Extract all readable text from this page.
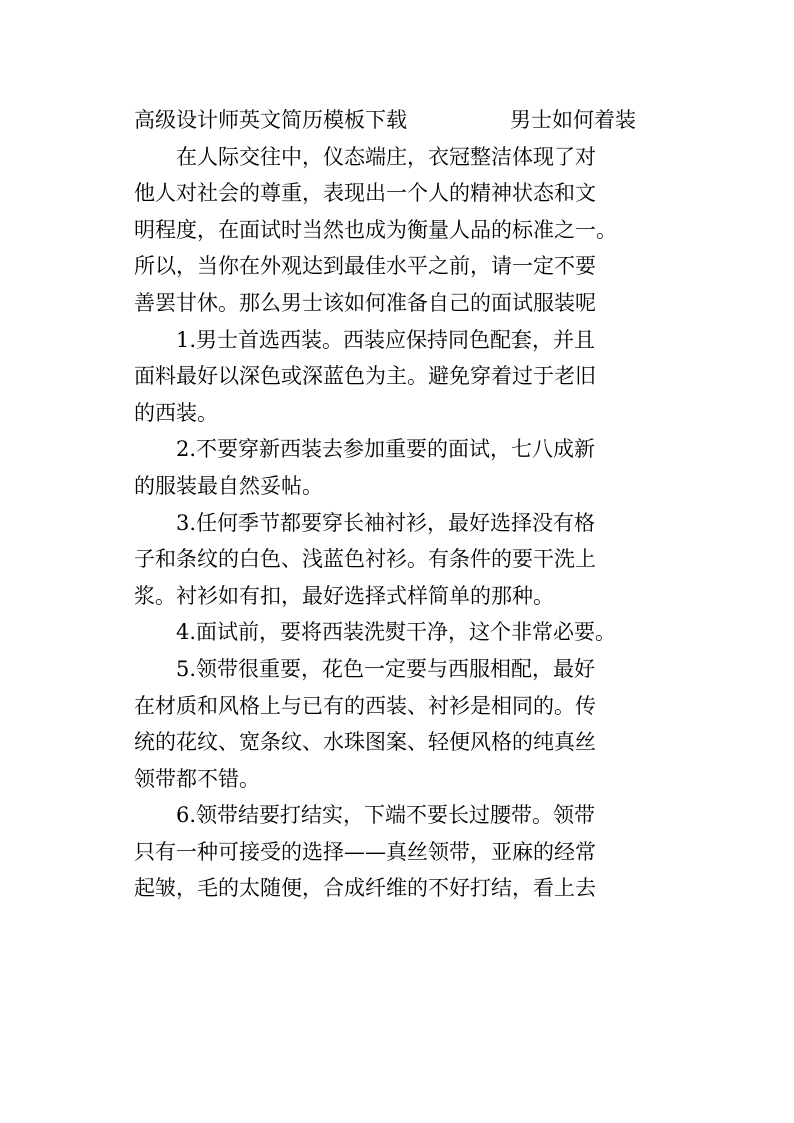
高级设计师英文简历模板下载	男士如何着装
在人际交往中，仪态端庄，衣冠整洁体现了对
他人对社会的尊重，表现出一个人的精神状态和文
明程度，在面试时当然也成为衡量人品的标准之一。
所以，当你在外观达到最佳水平之前，请一定不要
善罢甘休。那么男士该如何准备自己的面试服装呢
1.男士首选西装。西装应保持同色配套，并且
面料最好以深色或深蓝色为主。避免穿着过于老旧
的西装。
2.不要穿新西装去参加重要的面试，七八成新
的服装最自然妥帖。
3.任何季节都要穿长袖衬衫，最好选择没有格
子和条纹的白色、浅蓝色衬衫。有条件的要干洗上
浆。衬衫如有扣，最好选择式样简单的那种。
4.面试前，要将西装洗熨干净，这个非常必要。
5.领带很重要，花色一定要与西服相配，最好
在材质和风格上与已有的西装、衬衫是相同的。传
统的花纹、宽条纹、水珠图案、轻便风格的纯真丝
领带都不错。
6.领带结要打结实，下端不要长过腰带。领带
只有一种可接受的选择——真丝领带，亚麻的经常
起皱，毛的太随便，合成纤维的不好打结，看上去
